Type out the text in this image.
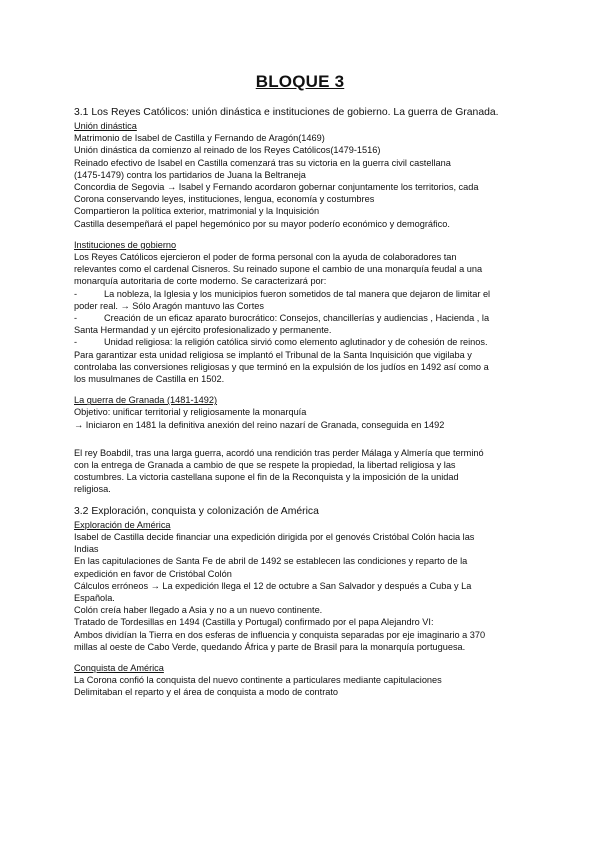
BLOQUE 3
3.1 Los Reyes Católicos: unión dinástica e instituciones de gobierno. La guerra de Granada.
Unión dinástica
Matrimonio de Isabel de Castilla y Fernando de Aragón(1469)
Unión dinástica da comienzo al reinado de los Reyes Católicos(1479-1516)
Reinado efectivo de Isabel en Castilla comenzará tras su victoria en la guerra civil castellana
(1475-1479) contra los partidarios de Juana la Beltraneja
Concordia de Segovia → Isabel y Fernando acordaron gobernar conjuntamente los territorios, cada
Corona conservando leyes, instituciones, lengua, economía y costumbres
Compartieron la política exterior, matrimonial y la Inquisición
Castilla desempeñará el papel hegemónico por su mayor poderío económico y demográfico.
Instituciones de gobierno
Los Reyes Católicos ejercieron el poder de forma personal con la ayuda de colaboradores tan
relevantes como el cardenal Cisneros. Su reinado supone el cambio de una monarquía feudal a una
monarquía autoritaria de corte moderno. Se caracterizará por:
-	La nobleza, la Iglesia y los municipios fueron sometidos de tal manera que dejaron de limitar el
poder real. → Sólo Aragón mantuvo las Cortes
-	Creación de un eficaz aparato burocrático: Consejos, chancillerías y audiencias , Hacienda , la
Santa Hermandad y un ejército profesionalizado y permanente.
-	Unidad religiosa: la religión católica sirvió como elemento aglutinador y de cohesión de reinos.
Para garantizar esta unidad religiosa se implantó el Tribunal de la Santa Inquisición que vigilaba y
controlaba las conversiones religiosas y que terminó en la expulsión de los judíos en 1492 así como a
los musulmanes de Castilla en 1502.
La guerra de Granada (1481-1492)
Objetivo: unificar territorial y religiosamente la monarquía
→ Iniciaron en 1481 la definitiva anexión del reino nazarí de Granada, conseguida en 1492
El rey Boabdil, tras una larga guerra, acordó una rendición tras perder Málaga y Almería que terminó
con la entrega de Granada a cambio de que se respete la propiedad, la libertad religiosa y las
costumbres. La victoria castellana supone el fin de la Reconquista y la imposición de la unidad
religiosa.
3.2 Exploración, conquista y colonización de América
Exploración de América
Isabel de Castilla decide financiar una expedición dirigida por el genovés Cristóbal Colón hacia las
Indias
En las capitulaciones de Santa Fe de abril de 1492 se establecen las condiciones y reparto de la
expedición en favor de Cristóbal Colón
Cálculos erróneos → La expedición llega el 12 de octubre a San Salvador y después a Cuba y La
Española.
Colón creía haber llegado a Asia y no a un nuevo continente.
Tratado de Tordesillas en 1494 (Castilla y Portugal) confirmado por el papa Alejandro VI:
Ambos dividían la Tierra en dos esferas de influencia y conquista separadas por eje imaginario a 370
millas al oeste de Cabo Verde, quedando África y parte de Brasil para la monarquía portuguesa.
Conquista de América
La Corona confió la conquista del nuevo continente a particulares mediante capitulaciones
Delimitaban el reparto y el área de conquista a modo de contrato
